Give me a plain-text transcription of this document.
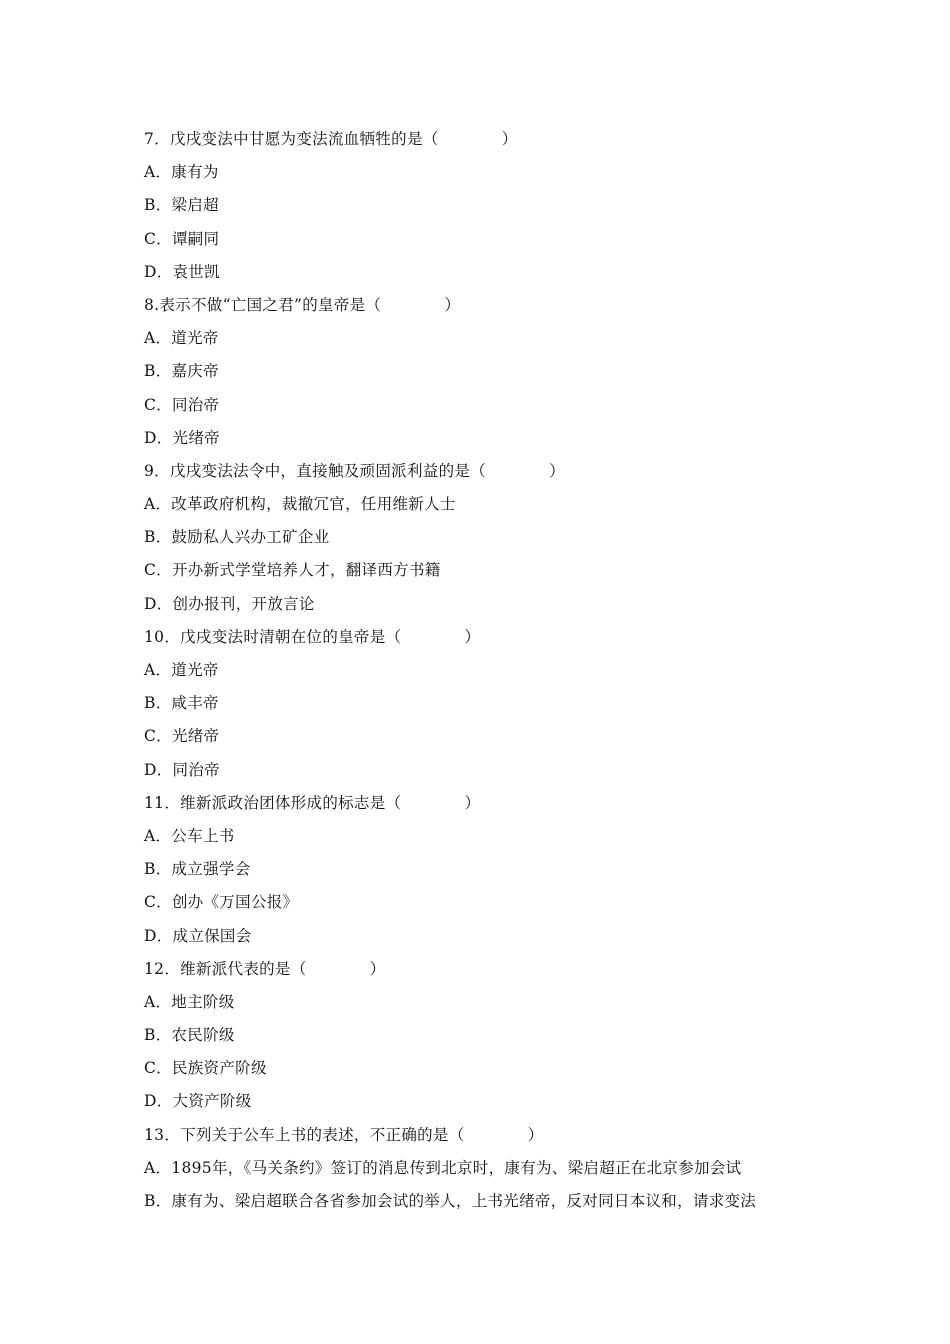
7．戊戌变法中甘愿为变法流血牺牲的是（　　　　）
A．康有为
B．梁启超
C．谭嗣同
D．袁世凯
8.表示不做“亡国之君”的皇帝是（　　　　）
A．道光帝
B．嘉庆帝
C．同治帝
D．光绪帝
9．戊戌变法法令中，直接触及顽固派利益的是（　　　　）
A．改革政府机构，裁撤冗官，任用维新人士
B．鼓励私人兴办工矿企业
C．开办新式学堂培养人才，翻译西方书籍
D．创办报刊，开放言论
10．戊戌变法时清朝在位的皇帝是（　　　　）
A．道光帝
B．咸丰帝
C．光绪帝
D．同治帝
11．维新派政治团体形成的标志是（　　　　）
A．公车上书
B．成立强学会
C．创办《万国公报》
D．成立保国会
12．维新派代表的是（　　　　）
A．地主阶级
B．农民阶级
C．民族资产阶级
D．大资产阶级
13．下列关于公车上书的表述，不正确的是（　　　　）
A．1895年，《马关条约》签订的消息传到北京时，康有为、梁启超正在北京参加会试
B．康有为、梁启超联合各省参加会试的举人，上书光绪帝，反对同日本议和，请求变法
